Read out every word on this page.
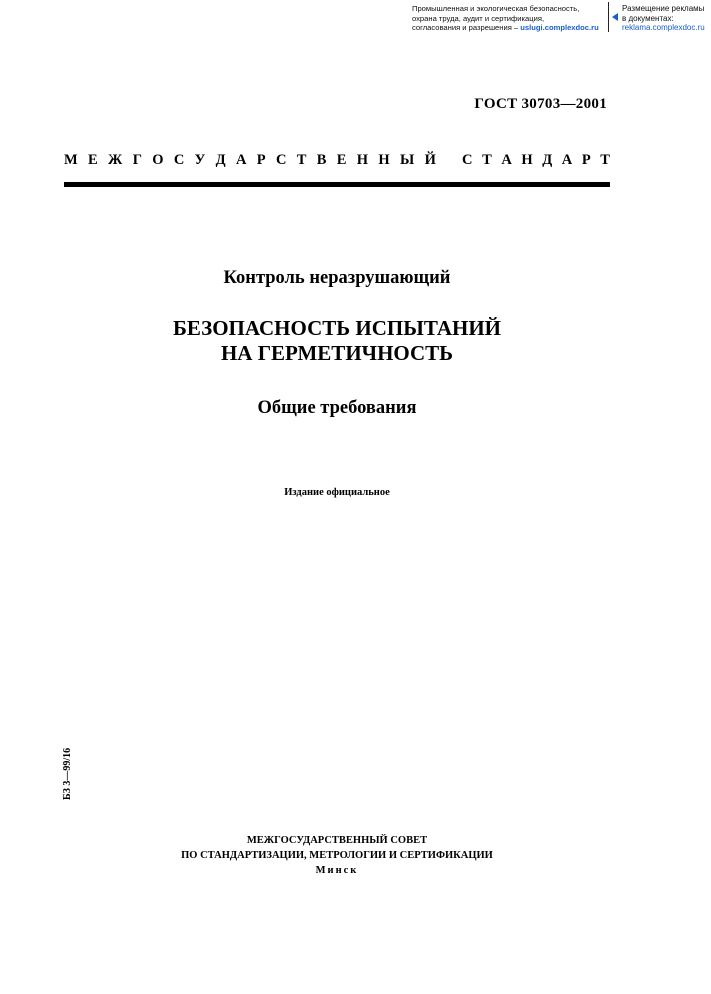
Промышленная и экологическая безопасность,
охрана труда, аудит и сертификация,
согласования и разрешения – uslugi.complexdoc.ru
Размещение рекламы
в документах:
reklama.complexdoc.ru
ГОСТ 30703—2001
М Е Ж Г О С У Д А Р С Т В Е Н Н Ы Й С Т А Н Д А Р Т
Контроль неразрушающий
БЕЗОПАСНОСТЬ ИСПЫТАНИЙ
НА ГЕРМЕТИЧНОСТЬ
Общие требования
Издание официальное
БЗ 3—99/16
МЕЖГОСУДАРСТВЕННЫЙ СОВЕТ
ПО СТАНДАРТИЗАЦИИ, МЕТРОЛОГИИ И СЕРТИФИКАЦИИ
Минск
